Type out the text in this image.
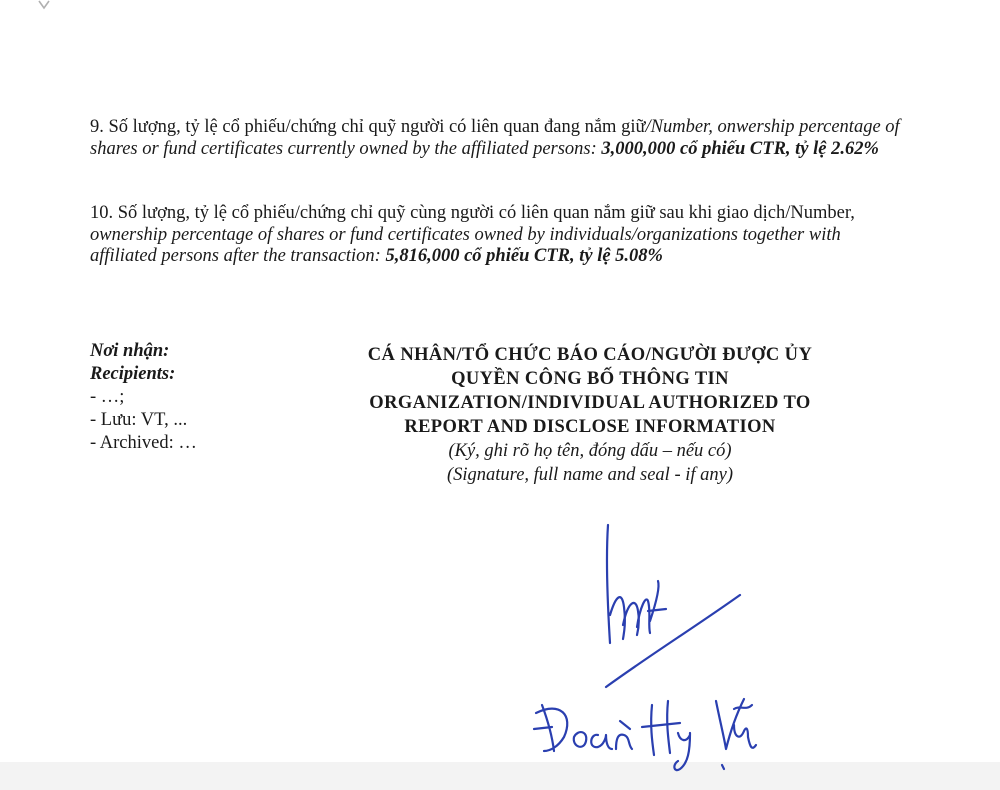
9. Số lượng, tỷ lệ cổ phiếu/chứng chỉ quỹ người có liên quan đang nắm giữ/Number, onwership percentage of shares or fund certificates currently owned by the affiliated persons: 3,000,000 cổ phiếu CTR, tỷ lệ 2.62%

10. Số lượng, tỷ lệ cổ phiếu/chứng chỉ quỹ cùng người có liên quan nắm giữ sau khi giao dịch/Number, ownership percentage of shares or fund certificates owned by individuals/organizations together with affiliated persons after the transaction: 5,816,000 cổ phiếu CTR, tỷ lệ 5.08%

Nơi nhận:
Recipients:
- …;
- Lưu: VT, ...
- Archived: …
CÁ NHÂN/TỔ CHỨC BÁO CÁO/NGƯỜI ĐƯỢC ỦY
QUYỀN CÔNG BỐ THÔNG TIN
ORGANIZATION/INDIVIDUAL AUTHORIZED TO
REPORT AND DISCLOSE INFORMATION
(Ký, ghi rõ họ tên, đóng dấu – nếu có)
(Signature, full name and seal - if any)
